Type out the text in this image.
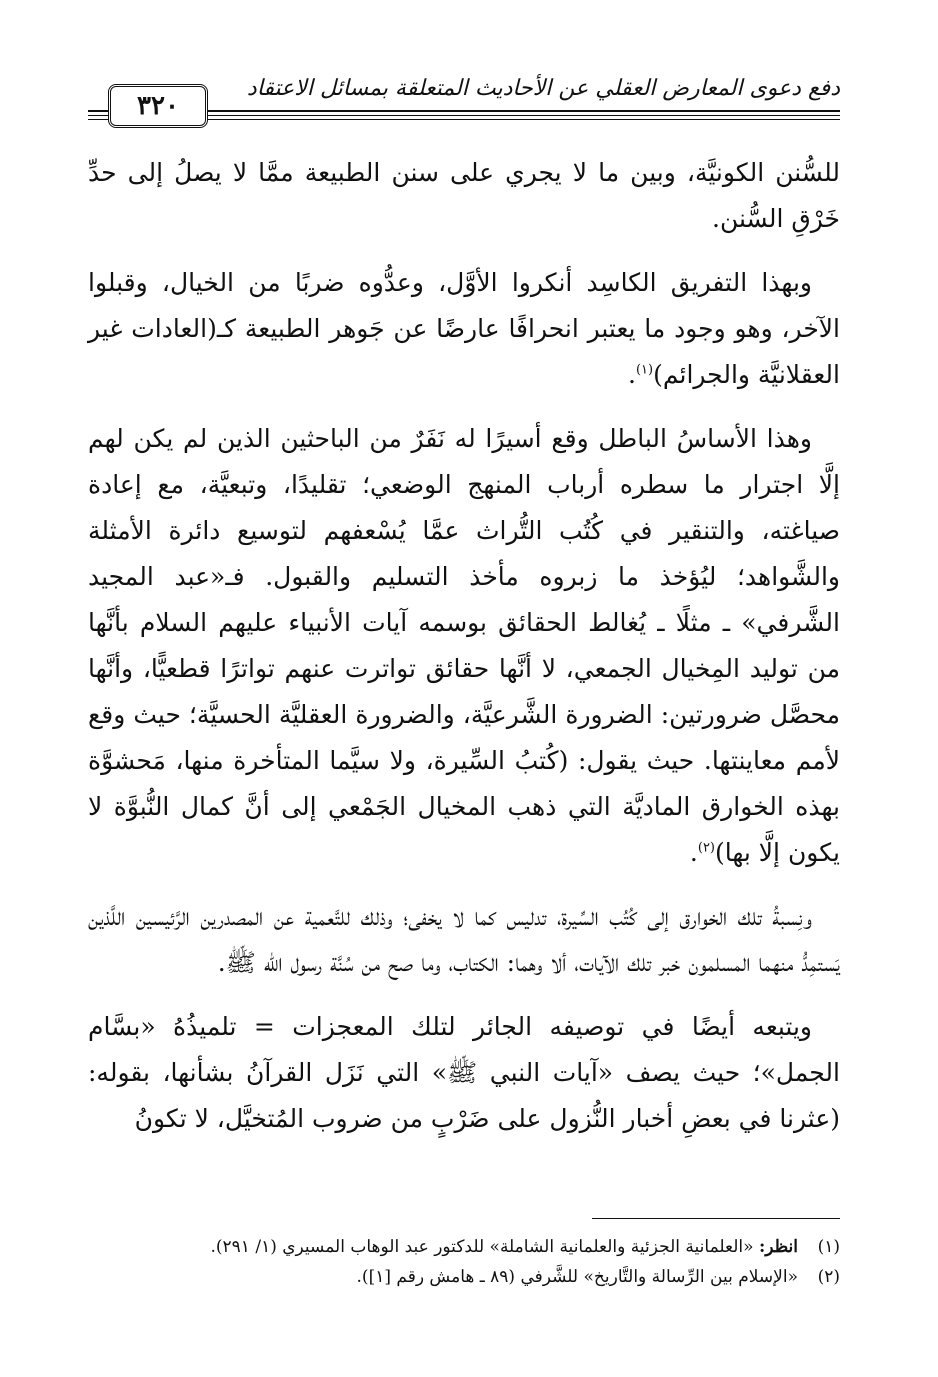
٣٢٠
دفع دعوى المعارض العقلي عن الأحاديث المتعلقة بمسائل الاعتقاد

للسُّنن الكونيَّة، وبين ما لا يجري على سنن الطبيعة ممَّا لا يصلُ إلى حدِّ خَرْقِ السُّنن.

وبهذا التفريق الكاسِد أنكروا الأوَّل، وعدُّوه ضربًا من الخيال، وقبلوا الآخر، وهو وجود ما يعتبر انحرافًا عارضًا عن جَوهر الطبيعة كـ(العادات غير العقلانيَّة والجرائم)$^{(١)}$.

وهذا الأساسُ الباطل وقع أسيرًا له نَفَرٌ من الباحثين الذين لم يكن لهم إلَّا اجترار ما سطره أرباب المنهج الوضعي؛ تقليدًا، وتبعيَّة، مع إعادة صياغته، والتنقير في كُتُب التُّراث عمَّا يُسْعفهم لتوسيع دائرة الأمثلة والشَّواهد؛ ليُؤخذ ما زبروه مأخذ التسليم والقبول. فـ«عبد المجيد الشَّرفي» ـ مثلًا ـ يُغالط الحقائق بوسمه آيات الأنبياء عليهم السلام بأنَّها من توليد المِخيال الجمعي، لا أنَّها حقائق تواترت عنهم تواترًا قطعيًّا، وأنَّها محصَّل ضرورتين: الضرورة الشَّرعيَّة، والضرورة العقليَّة الحسيَّة؛ حيث وقع لأمم معاينتها. حيث يقول: (كُتبُ السِّيرة، ولا سيَّما المتأخرة منها، مَحشوَّة بهذه الخوارق الماديَّة التي ذهب المخيال الجَمْعي إلى أنَّ كمال النُّبوَّة لا يكون إلَّا بها)$^{(٢)}$.

ونِسبةُ تلك الخوارق إلى كُتُب السِّيرة، تدليس كما لا يخفى؛ وذلك للتَّعمية عن المصدرين الرَّئيسين اللَّذين يَستمِدُّ منهما المسلمون خبر تلك الآيات، ألا وهما: الكتاب، وما صح من سُنَّة رسول الله ﷺ.

ويتبعه أيضًا في توصيفه الجائر لتلك المعجزات = تلميذُهُ «بسَّام الجمل»؛ حيث يصف «آيات النبي ﷺ» التي نَزَل القرآنُ بشأنها، بقوله: (عثرنا في بعضِ أخبار النُّزول على ضَرْبٍ من ضروب المُتخيَّل، لا تكونُ

(١)انظر: «العلمانية الجزئية والعلمانية الشاملة» للدكتور عبد الوهاب المسيري (١/ ٢٩١).
(٢)«الإسلام بين الرِّسالة والتَّاريخ» للشَّرفي (٨٩ ـ هامش رقم [١]).
